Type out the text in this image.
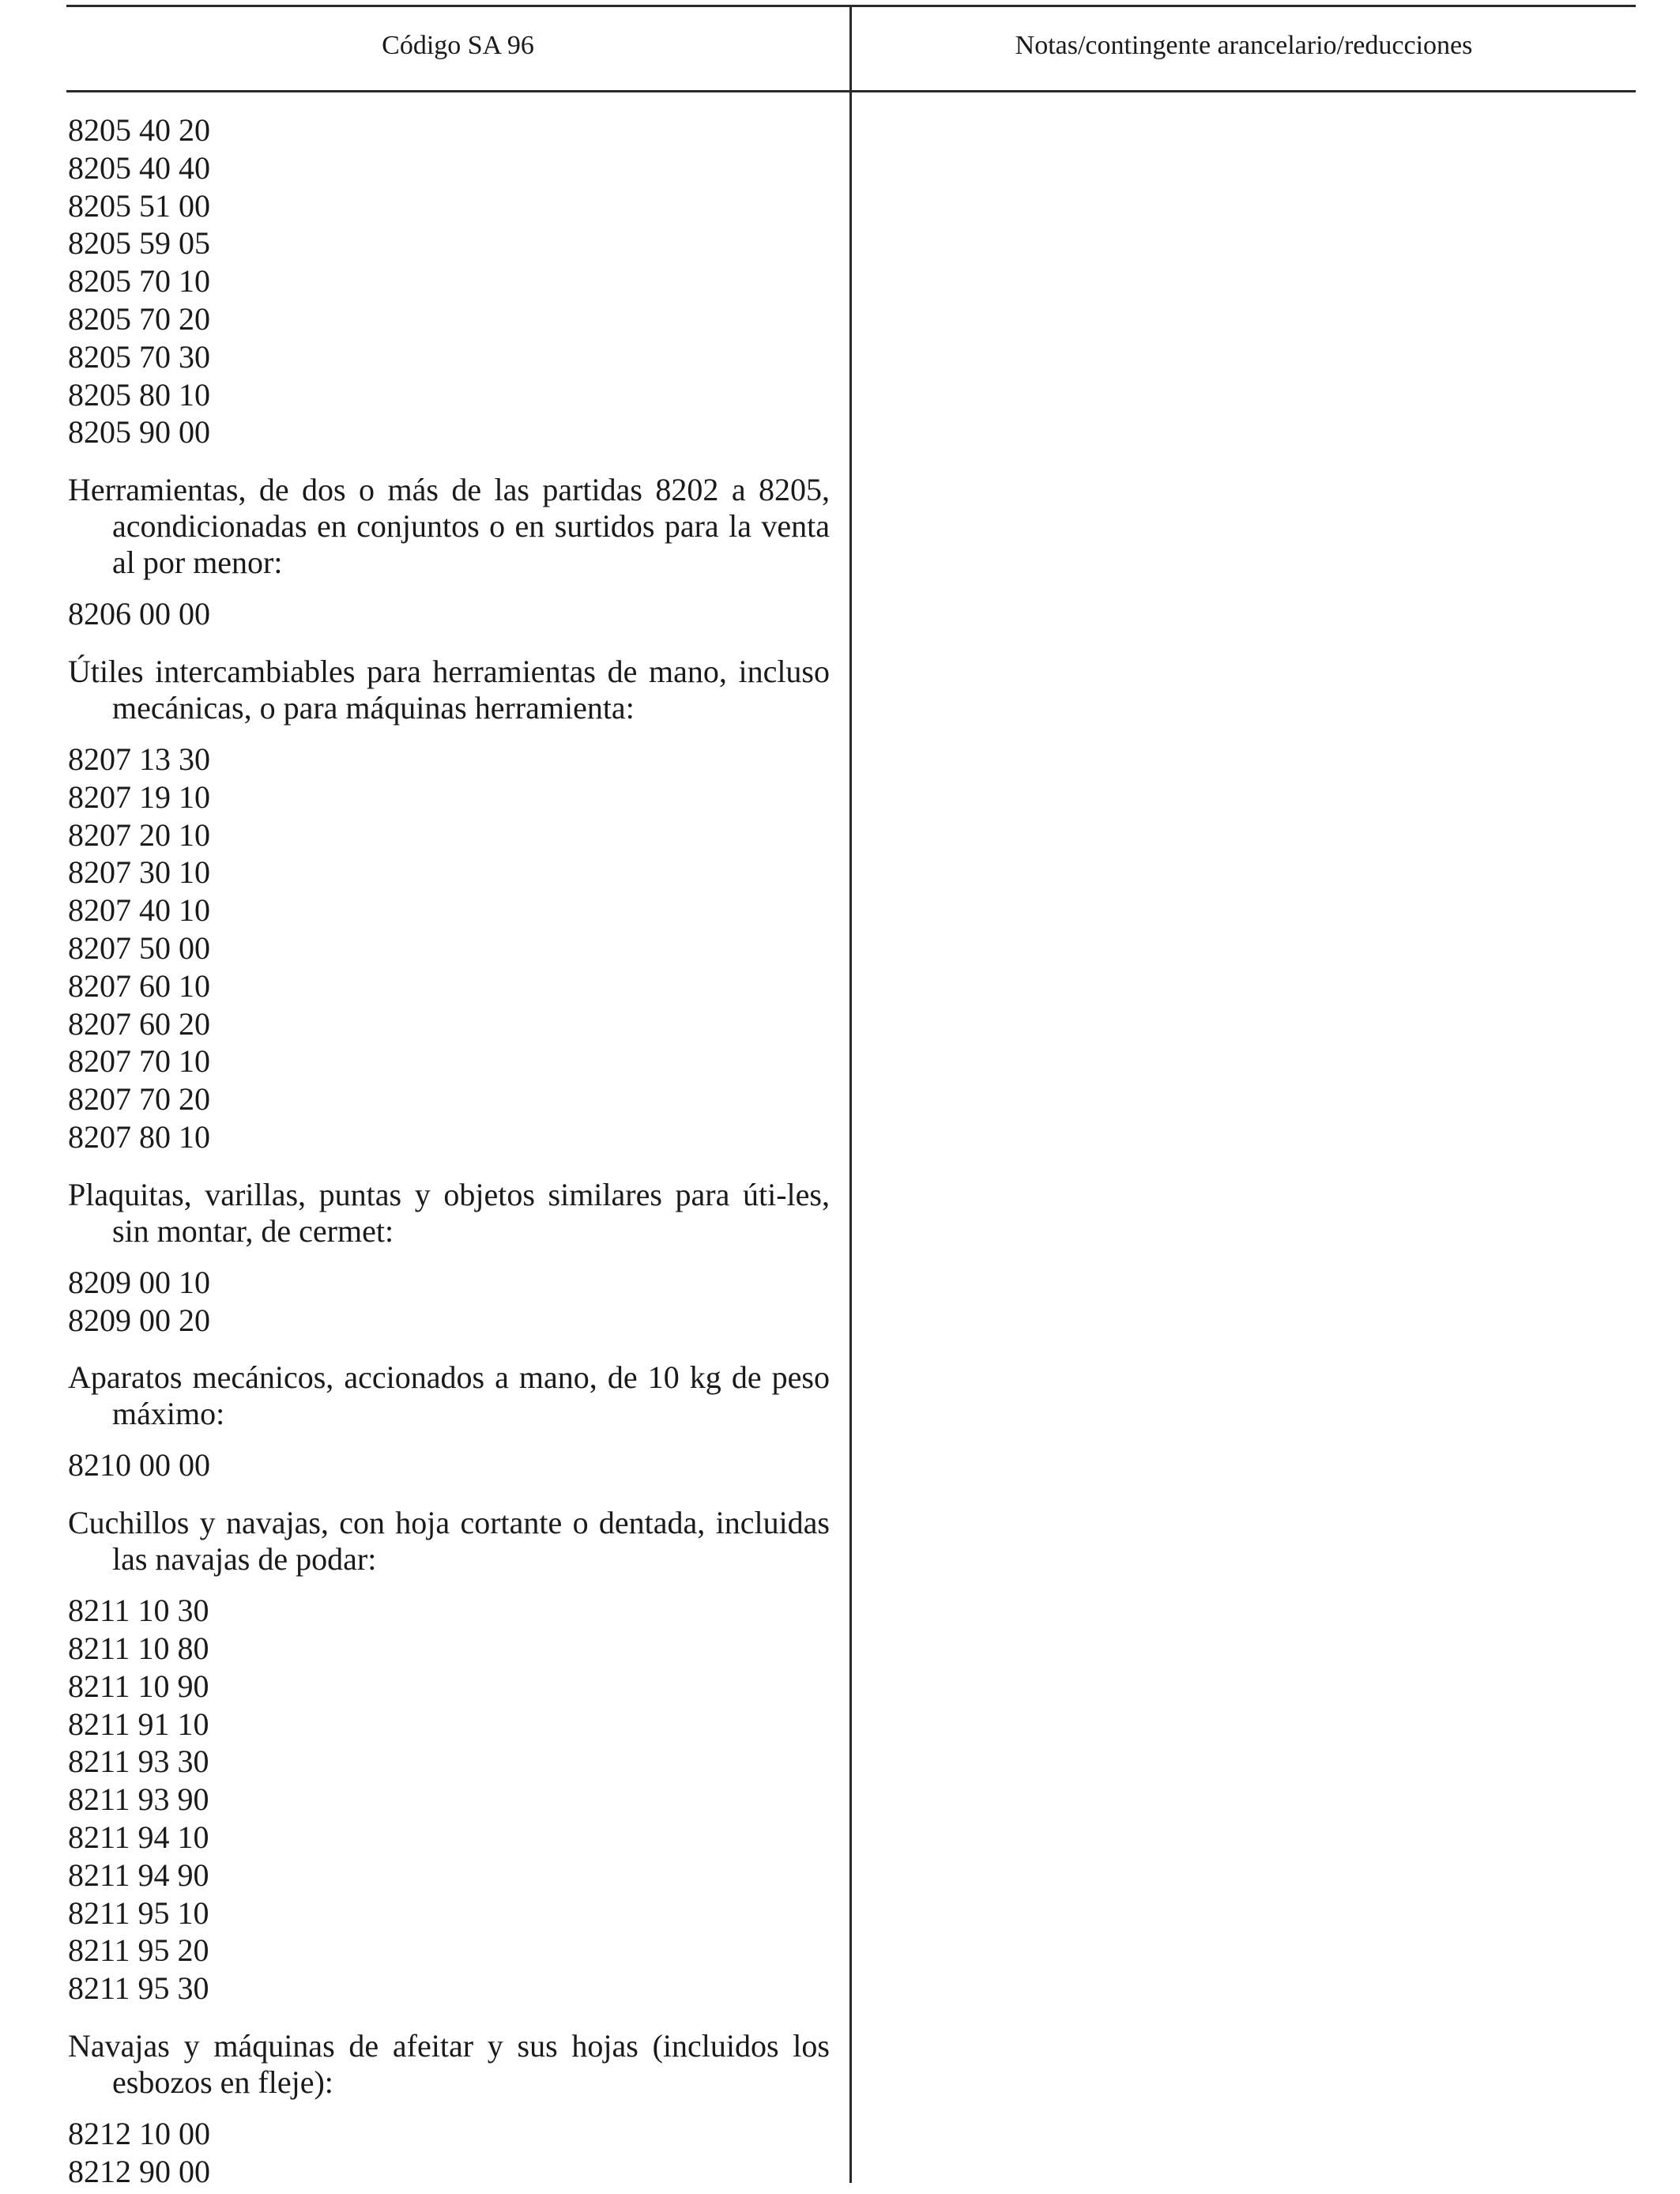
Código SA 96	Notas/contingente arancelario/reducciones
8205 40 20
8205 40 40
8205 51 00
8205 59 05
8205 70 10
8205 70 20
8205 70 30
8205 80 10
8205 90 00
Herramientas, de dos o más de las partidas 8202 a 8205, acondicionadas en conjuntos o en surtidos para la venta al por menor:
8206 00 00
Útiles intercambiables para herramientas de mano, incluso mecánicas, o para máquinas herramienta:
8207 13 30
8207 19 10
8207 20 10
8207 30 10
8207 40 10
8207 50 00
8207 60 10
8207 60 20
8207 70 10
8207 70 20
8207 80 10
Plaquitas, varillas, puntas y objetos similares para úti-les, sin montar, de cermet:
8209 00 10
8209 00 20
Aparatos mecánicos, accionados a mano, de 10 kg de peso máximo:
8210 00 00
Cuchillos y navajas, con hoja cortante o dentada, incluidas las navajas de podar:
8211 10 30
8211 10 80
8211 10 90
8211 91 10
8211 93 30
8211 93 90
8211 94 10
8211 94 90
8211 95 10
8211 95 20
8211 95 30
Navajas y máquinas de afeitar y sus hojas (incluidos los esbozos en fleje):
8212 10 00
8212 90 00
